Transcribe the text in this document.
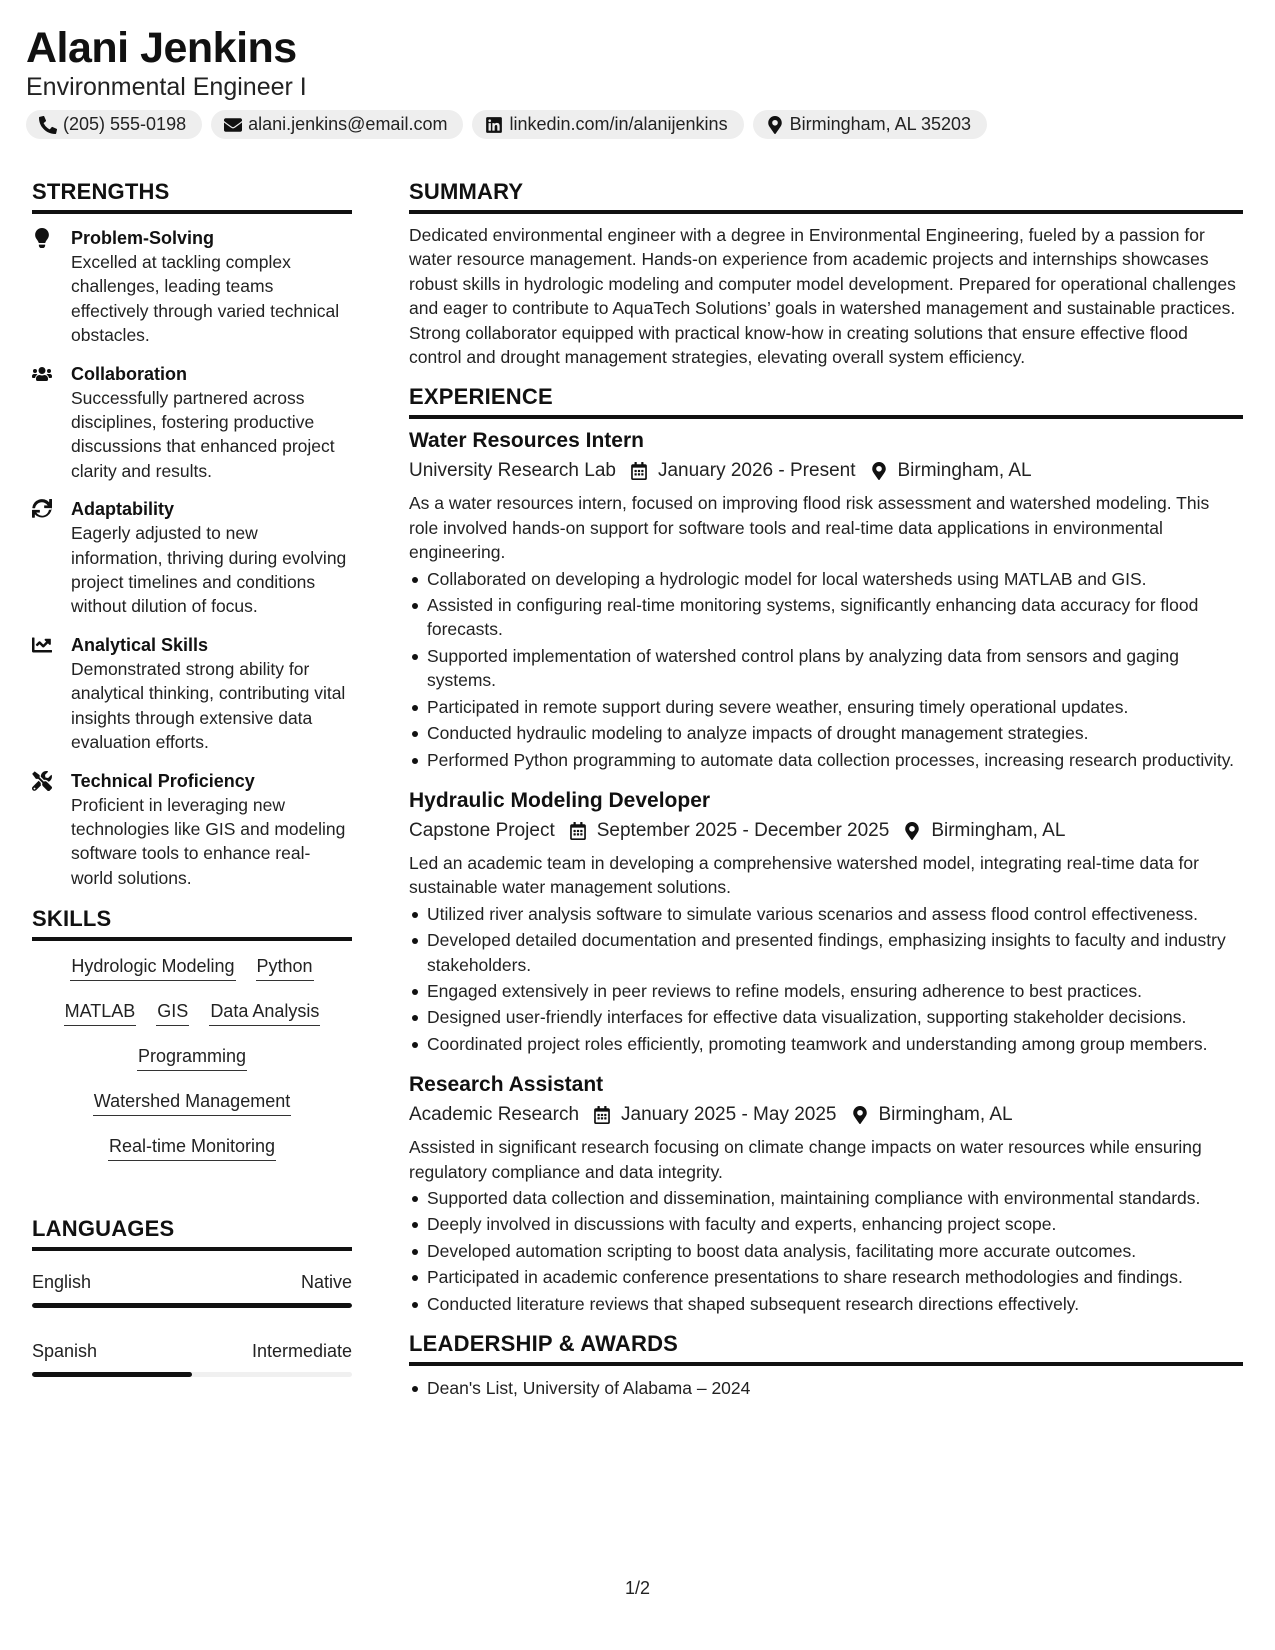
Alani Jenkins
Environmental Engineer I
(205) 555-0198	alani.jenkins@email.com	linkedin.com/in/alanijenkins	Birmingham, AL 35203
STRENGTHS
Problem-Solving
Excelled at tackling complex challenges, leading teams effectively through varied technical obstacles.
Collaboration
Successfully partnered across disciplines, fostering productive discussions that enhanced project clarity and results.
Adaptability
Eagerly adjusted to new information, thriving during evolving project timelines and conditions without dilution of focus.
Analytical Skills
Demonstrated strong ability for analytical thinking, contributing vital insights through extensive data evaluation efforts.
Technical Proficiency
Proficient in leveraging new technologies like GIS and modeling software tools to enhance real-world solutions.
SKILLS
Hydrologic Modeling Python
MATLAB GIS Data Analysis
Programming
Watershed Management
Real-time Monitoring
LANGUAGES
English	Native
Spanish	Intermediate
SUMMARY
Dedicated environmental engineer with a degree in Environmental Engineering, fueled by a passion for water resource management. Hands-on experience from academic projects and internships showcases robust skills in hydrologic modeling and computer model development. Prepared for operational challenges and eager to contribute to AquaTech Solutions’ goals in watershed management and sustainable practices. Strong collaborator equipped with practical know-how in creating solutions that ensure effective flood control and drought management strategies, elevating overall system efficiency.
EXPERIENCE
Water Resources Intern
University Research Lab January 2026 - Present Birmingham, AL
As a water resources intern, focused on improving flood risk assessment and watershed modeling. This role involved hands-on support for software tools and real-time data applications in environmental engineering.
Collaborated on developing a hydrologic model for local watersheds using MATLAB and GIS.
Assisted in configuring real-time monitoring systems, significantly enhancing data accuracy for flood forecasts.
Supported implementation of watershed control plans by analyzing data from sensors and gaging systems.
Participated in remote support during severe weather, ensuring timely operational updates.
Conducted hydraulic modeling to analyze impacts of drought management strategies.
Performed Python programming to automate data collection processes, increasing research productivity.
Hydraulic Modeling Developer
Capstone Project September 2025 - December 2025 Birmingham, AL
Led an academic team in developing a comprehensive watershed model, integrating real-time data for sustainable water management solutions.
Utilized river analysis software to simulate various scenarios and assess flood control effectiveness.
Developed detailed documentation and presented findings, emphasizing insights to faculty and industry stakeholders.
Engaged extensively in peer reviews to refine models, ensuring adherence to best practices.
Designed user-friendly interfaces for effective data visualization, supporting stakeholder decisions.
Coordinated project roles efficiently, promoting teamwork and understanding among group members.
Research Assistant
Academic Research January 2025 - May 2025 Birmingham, AL
Assisted in significant research focusing on climate change impacts on water resources while ensuring regulatory compliance and data integrity.
Supported data collection and dissemination, maintaining compliance with environmental standards.
Deeply involved in discussions with faculty and experts, enhancing project scope.
Developed automation scripting to boost data analysis, facilitating more accurate outcomes.
Participated in academic conference presentations to share research methodologies and findings.
Conducted literature reviews that shaped subsequent research directions effectively.
LEADERSHIP & AWARDS
Dean's List, University of Alabama – 2024
1/2
